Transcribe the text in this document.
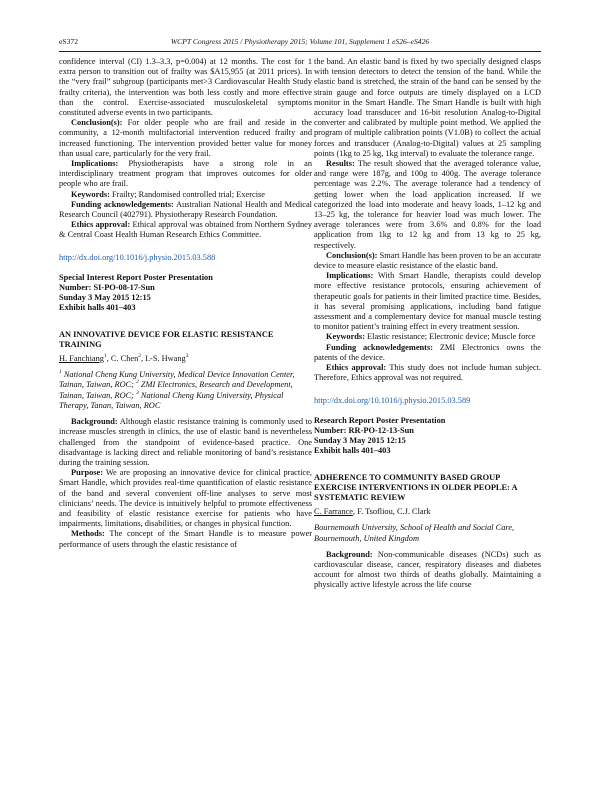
eS372	WCPT Congress 2015 / Physiotherapy 2015; Volume 101, Supplement 1 eS26–eS426

confidence interval (CI) 1.3–3.3, p=0.004) at 12 months. The cost for 1 extra person to transition out of frailty was $A15,955 (at 2011 prices). In the “very frail” subgroup (participants met>3 Cardiovascular Health Study frailty criteria), the intervention was both less costly and more effective than the control. Exercise-associated musculoskeletal symptoms constituted adverse events in two participants.

Conclusion(s): For older people who are frail and reside in the community, a 12-month multifactorial intervention reduced frailty and increased functioning. The intervention provided better value for money than usual care, particularly for the very frail.

Implications: Physiotherapists have a strong role in an interdisciplinary treatment program that improves outcomes for older people who are frail.

Keywords: Frailty; Randomised controlled trial; Exercise

Funding acknowledgements: Australian National Health and Medical Research Council (402791). Physiotherapy Research Foundation.

Ethics approval: Ethical approval was obtained from Northern Sydney & Central Coast Health Human Research Ethics Committee.

http://dx.doi.org/10.1016/j.physio.2015.03.588

Special Interest Report Poster Presentation

Number: SI-PO-08-17-Sun

Sunday 3 May 2015 12:15

Exhibit halls 401–403

AN INNOVATIVE DEVICE FOR ELASTIC RESISTANCE TRAINING

H. Fanchiang$^1$, C. Chen$^2$, I.-S. Hwang$^3$

$^1$ National Cheng Kung University, Medical Device Innovation Center, Tainan, Taiwan, ROC; $^2$ ZMI Electronics, Research and Development, Tainan, Taiwan, ROC; $^3$ National Cheng Kung University, Physical Therapy, Tanan, Taiwan, ROC

Background: Although elastic resistance training is commonly used to increase muscles strength in clinics, the use of elastic band is nevertheless challenged from the standpoint of evidence-based practice. One disadvantage is lacking direct and reliable monitoring of band’s resistance during the training session.

Purpose: We are proposing an innovative device for clinical practice, Smart Handle, which provides real-time quantification of elastic resistance of the band and several convenient off-line analyses to serve most clinicians’ needs. The device is intuitively helpful to promote effectiveness and feasibility of elastic resistance exercise for patients who have impairments, limitations, disabilities, or changes in physical function.

Methods: The concept of the Smart Handle is to measure power performance of users through the elastic resistance of

the band. An elastic band is fixed by two specially designed clasps with tension detectors to detect the tension of the band. While the elastic band is stretched, the strain of the band can be sensed by the strain gauge and force outputs are timely displayed on a LCD monitor in the Smart Handle. The Smart Handle is built with high accuracy load transducer and 16-bit resolution Analog-to-Digital converter and calibrated by multiple point method. We applied the program of multiple calibration points (V1.0B) to collect the actual forces and transducer (Analog-to-Digital) values at 25 sampling points (1kg to 25 kg, 1kg interval) to evaluate the tolerance range.

Results: The result showed that the averaged tolerance value, and range were 187g, and 100g to 400g. The average tolerance percentage was 2.2%. The average tolerance had a tendency of getting lower when the load application increased. If we categorized the load into moderate and heavy loads, 1–12 kg and 13–25 kg, the tolerance for heavier load was much lower. The average tolerances were from 3.6% and 0.8% for the load application from 1kg to 12 kg and from 13 kg to 25 kg, respectively.

Conclusion(s): Smart Handle has been proven to be an accurate device to measure elastic resistance of the elastic band.

Implications: With Smart Handle, therapists could develop more effective resistance protocols, ensuring achievement of therapeutic goals for patients in their limited practice time. Besides, it has several promising applications, including band fatigue assessment and a complementary device for manual muscle testing to monitor patient’s training effect in every treatment session.

Keywords: Elastic resistance; Electronic device; Muscle force

Funding acknowledgements: ZMI Electronics owns the patents of the device.

Ethics approval: This study does not include human subject. Therefore, Ethics approval was not required.

http://dx.doi.org/10.1016/j.physio.2015.03.589

Research Report Poster Presentation

Number: RR-PO-12-13-Sun

Sunday 3 May 2015 12:15

Exhibit halls 401–403

ADHERENCE TO COMMUNITY BASED GROUP EXERCISE INTERVENTIONS IN OLDER PEOPLE: A SYSTEMATIC REVIEW

C. Farrance, F. Tsofliou, C.J. Clark

Bournemouth University, School of Health and Social Care, Bournemouth, United Kingdom

Background: Non-communicable diseases (NCDs) such as cardiovascular disease, cancer, respiratory diseases and diabetes account for almost two thirds of deaths globally. Maintaining a physically active lifestyle across the life course
